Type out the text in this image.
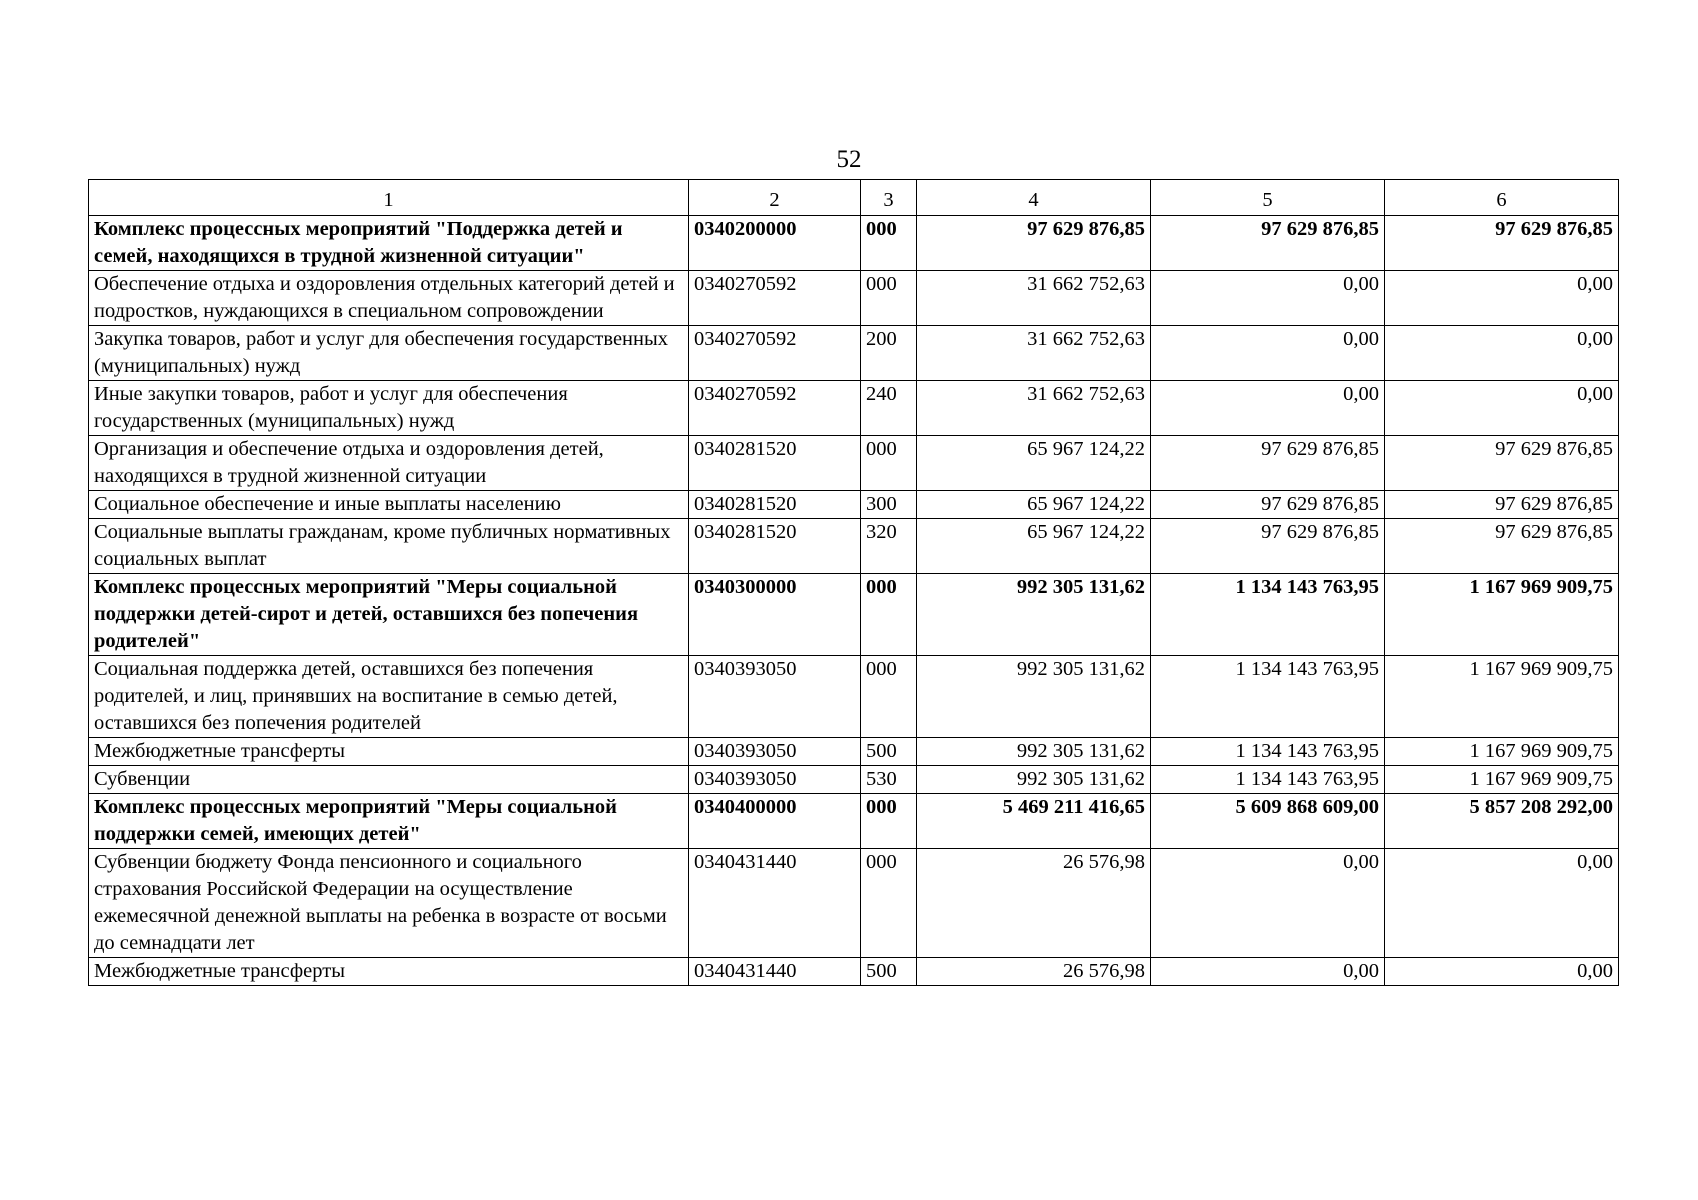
52
1	2	3	4	5	6
Комплекс процессных мероприятий "Поддержка детей и семей, находящихся в трудной жизненной ситуации"	0340200000	000	97 629 876,85	97 629 876,85	97 629 876,85
Обеспечение отдыха и оздоровления отдельных категорий детей и подростков, нуждающихся в специальном сопровождении	0340270592	000	31 662 752,63	0,00	0,00
Закупка товаров, работ и услуг для обеспечения государственных (муниципальных) нужд	0340270592	200	31 662 752,63	0,00	0,00
Иные закупки товаров, работ и услуг для обеспечения государственных (муниципальных) нужд	0340270592	240	31 662 752,63	0,00	0,00
Организация и обеспечение отдыха и оздоровления детей, находящихся в трудной жизненной ситуации	0340281520	000	65 967 124,22	97 629 876,85	97 629 876,85
Социальное обеспечение и иные выплаты населению	0340281520	300	65 967 124,22	97 629 876,85	97 629 876,85
Социальные выплаты гражданам, кроме публичных нормативных социальных выплат	0340281520	320	65 967 124,22	97 629 876,85	97 629 876,85
Комплекс процессных мероприятий "Меры социальной поддержки детей-сирот и детей, оставшихся без попечения родителей"	0340300000	000	992 305 131,62	1 134 143 763,95	1 167 969 909,75
Социальная поддержка детей, оставшихся без попечения родителей, и лиц, принявших на воспитание в семью детей, оставшихся без попечения родителей	0340393050	000	992 305 131,62	1 134 143 763,95	1 167 969 909,75
Межбюджетные трансферты	0340393050	500	992 305 131,62	1 134 143 763,95	1 167 969 909,75
Субвенции	0340393050	530	992 305 131,62	1 134 143 763,95	1 167 969 909,75
Комплекс процессных мероприятий "Меры социальной поддержки семей, имеющих детей"	0340400000	000	5 469 211 416,65	5 609 868 609,00	5 857 208 292,00
Субвенции бюджету Фонда пенсионного и социального страхования Российской Федерации на осуществление ежемесячной денежной выплаты на ребенка в возрасте от восьми до семнадцати лет	0340431440	000	26 576,98	0,00	0,00
Межбюджетные трансферты	0340431440	500	26 576,98	0,00	0,00
